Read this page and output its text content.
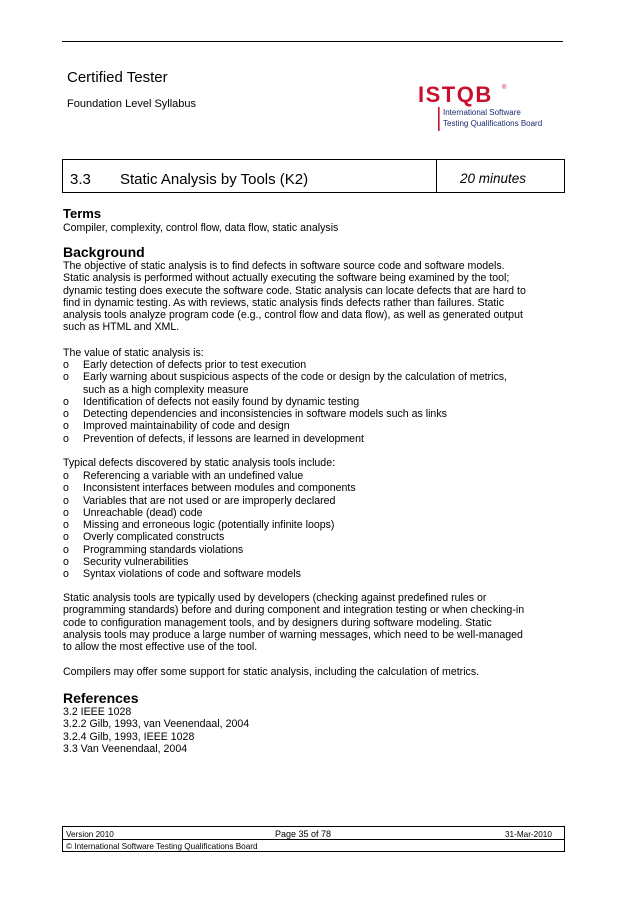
Certified Tester
Foundation Level Syllabus	ISTQB ®
International Software
Testing Qualifications Board
3.3 Static Analysis by Tools (K2)	20 minutes
Terms
Compiler, complexity, control flow, data flow, static analysis
Background
The objective of static analysis is to find defects in software source code and software models.
Static analysis is performed without actually executing the software being examined by the tool;
dynamic testing does execute the software code. Static analysis can locate defects that are hard to
find in dynamic testing. As with reviews, static analysis finds defects rather than failures. Static
analysis tools analyze program code (e.g., control flow and data flow), as well as generated output
such as HTML and XML.
The value of static analysis is:
o Early detection of defects prior to test execution
o Early warning about suspicious aspects of the code or design by the calculation of metrics,
such as a high complexity measure
o Identification of defects not easily found by dynamic testing
o Detecting dependencies and inconsistencies in software models such as links
o Improved maintainability of code and design
o Prevention of defects, if lessons are learned in development
Typical defects discovered by static analysis tools include:
o Referencing a variable with an undefined value
o Inconsistent interfaces between modules and components
o Variables that are not used or are improperly declared
o Unreachable (dead) code
o Missing and erroneous logic (potentially infinite loops)
o Overly complicated constructs
o Programming standards violations
o Security vulnerabilities
o Syntax violations of code and software models
Static analysis tools are typically used by developers (checking against predefined rules or
programming standards) before and during component and integration testing or when checking-in
code to configuration management tools, and by designers during software modeling. Static
analysis tools may produce a large number of warning messages, which need to be well-managed
to allow the most effective use of the tool.
Compilers may offer some support for static analysis, including the calculation of metrics.
References
3.2 IEEE 1028
3.2.2 Gilb, 1993, van Veenendaal, 2004
3.2.4 Gilb, 1993, IEEE 1028
3.3 Van Veenendaal, 2004
Version 2010	Page 35 of 78	31-Mar-2010
© International Software Testing Qualifications Board
